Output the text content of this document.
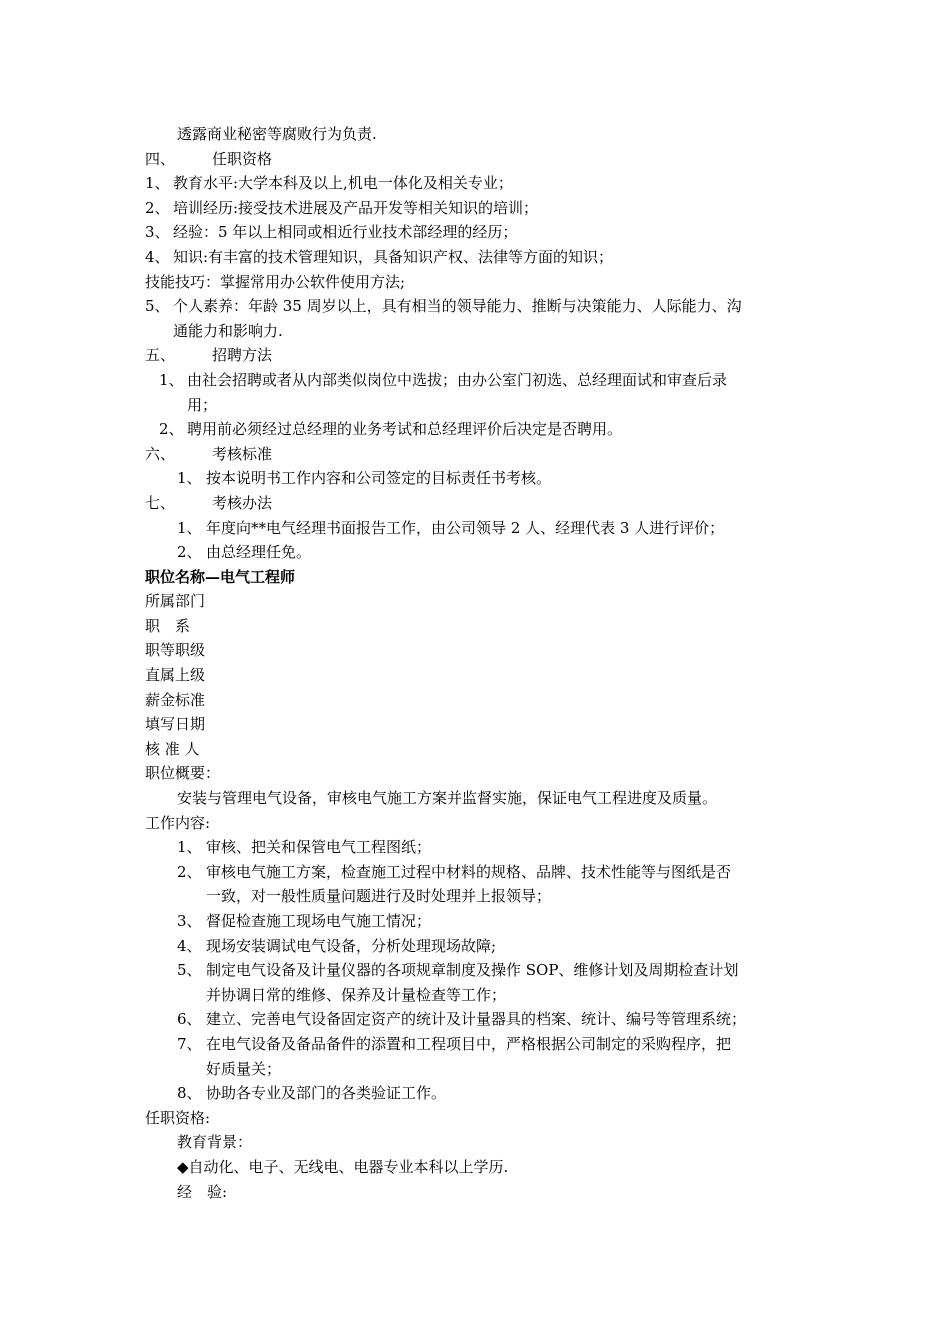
透露商业秘密等腐败行为负责.
四、 任职资格
1、 教育水平:大学本科及以上,机电一体化及相关专业；
2、 培训经历:接受技术进展及产品开发等相关知识的培训；
3、 经验：5 年以上相同或相近行业技术部经理的经历；
4、 知识:有丰富的技术管理知识，具备知识产权、法律等方面的知识；
技能技巧：掌握常用办公软件使用方法;
5、 个人素养：年龄 35 周岁以上，具有相当的领导能力、推断与决策能力、人际能力、沟
通能力和影响力.
五、 招聘方法
1、 由社会招聘或者从内部类似岗位中选拔；由办公室门初选、总经理面试和审查后录
用；
2、 聘用前必须经过总经理的业务考试和总经理评价后决定是否聘用。
六、 考核标准
1、 按本说明书工作内容和公司签定的目标责任书考核。
七、 考核办法
1、 年度向**电气经理书面报告工作，由公司领导 2 人、经理代表 3 人进行评价；
2、 由总经理任免。
职位名称—电气工程师
所属部门
职　系
职等职级
直属上级
薪金标准
填写日期
核 准 人
职位概要：
安装与管理电气设备，审核电气施工方案并监督实施，保证电气工程进度及质量。
工作内容:
1、 审核、把关和保管电气工程图纸；
2、 审核电气施工方案，检查施工过程中材料的规格、品牌、技术性能等与图纸是否
一致，对一般性质量问题进行及时处理并上报领导；
3、 督促检查施工现场电气施工情况；
4、 现场安装调试电气设备，分析处理现场故障;
5、 制定电气设备及计量仪器的各项规章制度及操作 SOP、维修计划及周期检查计划
并协调日常的维修、保养及计量检查等工作；
6、 建立、完善电气设备固定资产的统计及计量器具的档案、统计、编号等管理系统；
7、 在电气设备及备品备件的添置和工程项目中，严格根据公司制定的采购程序，把
好质量关；
8、 协助各专业及部门的各类验证工作。
任职资格:
教育背景：
◆自动化、电子、无线电、电器专业本科以上学历.
经　验:
